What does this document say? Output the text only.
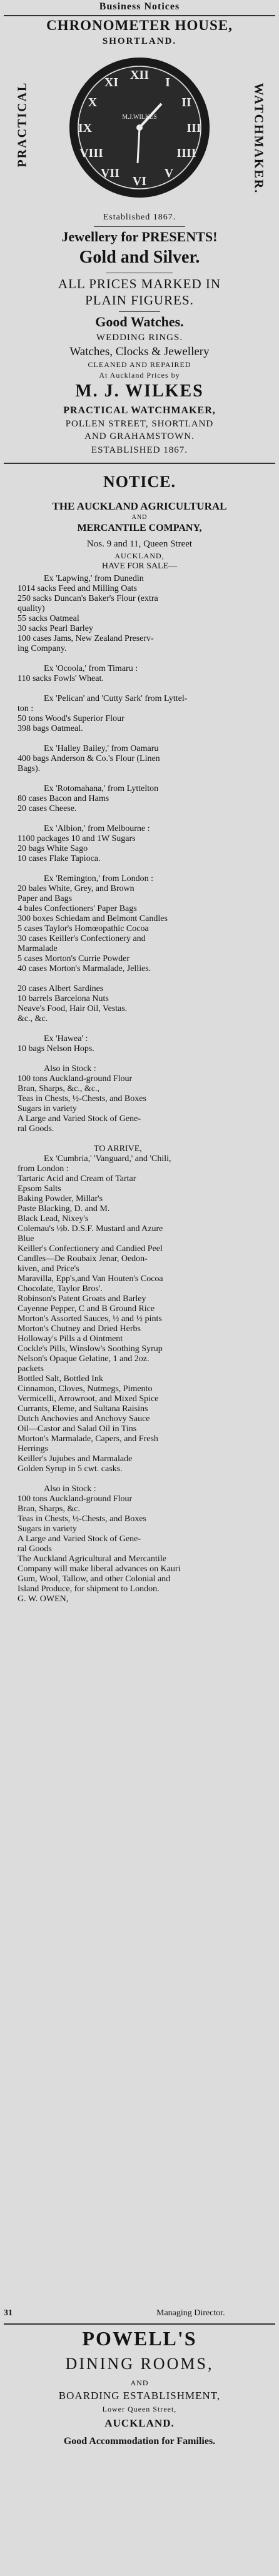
Business Notices
CHRONOMETER HOUSE,
SHORTLAND.
PRACTICAL	WATCHMAKER.
XII
I
II
III
IIII
V
VI
VII
VIII
IX
X
XI
M.J.WILKES
Established 1867.
Jewellery for PRESENTS!
Gold and Silver.
ALL PRICES MARKED IN
PLAIN FIGURES.
Good Watches.
WEDDING RINGS.
Watches, Clocks & Jewellery
CLEANED AND REPAIRED
At Auckland Prices by
M. J. WILKES
PRACTICAL WATCHMAKER,
POLLEN STREET, SHORTLAND
AND GRAHAMSTOWN.
ESTABLISHED 1867.
NOTICE.
THE AUCKLAND AGRICULTURAL
AND
MERCANTILE COMPANY,
Nos. 9 and 11, Queen Street
AUCKLAND,
HAVE FOR SALE—
Ex 'Lapwing,' from Dunedin
1014 sacks Feed and Milling Oats
250 sacks Duncan's Baker's Flour (extra
quality)
55 sacks Oatmeal
30 sacks Pearl Barley
100 cases Jams, New Zealand Preserv-
ing Company.
Ex 'Ocoola,' from Timaru :
110 sacks Fowls' Wheat.
Ex 'Pelican' and 'Cutty Sark' from Lyttel-
ton :
50 tons Wood's Superior Flour
398 bags Oatmeal.
Ex 'Halley Bailey,' from Oamaru
400 bags Anderson & Co.'s Flour (Linen
Bags).
Ex 'Rotomahana,' from Lyttelton
80 cases Bacon and Hams
20 cases Cheese.
Ex 'Albion,' from Melbourne :
1100 packages 10 and 1W Sugars
20 bags White Sago
10 cases Flake Tapioca.
Ex 'Remington,' from London :
20 bales White, Grey, and Brown
Paper and Bags
4 bales Confectioners' Paper Bags
300 boxes Schiedam and Belmont Candles
5 cases Taylor's Homœopathic Cocoa
30 cases Keiller's Confectionery and
Marmalade
5 cases Morton's Currie Powder
40 cases Morton's Marmalade, Jellies.
20 cases Albert Sardines
10 barrels Barcelona Nuts
Neave's Food, Hair Oil, Vestas.
&c., &c.
Ex 'Hawea' :
10 bags Nelson Hops.
Also in Stock :
100 tons Auckland-ground Flour
Bran, Sharps, &c., &c.,
Teas in Chests, ½-Chests, and Boxes
Sugars in variety
A Large and Varied Stock of Gene-
ral Goods.
TO ARRIVE,
Ex 'Cumbria,' 'Vanguard,' and 'Chili,
from London :
Tartaric Acid and Cream of Tartar
Epsom Salts
Baking Powder, Millar's
Paste Blacking, D. and M.
Black Lead, Nixey's
Colemau's ½b. D.S.F. Mustard and Azure
Blue
Keiller's Confectionery and Candied Peel
Candles—De Roubaix Jenar, Oedon-
kiven, and Price's
Maravilla, Epp's,and Van Houten's Cocoa
Chocolate, Taylor Bros'.
Robinson's Patent Groats and Barley
Cayenne Pepper, C and B Ground Rice
Morton's Assorted Sauces, ½ and ½ pints
Morton's Chutney and Dried Herbs
Holloway's Pills a d Ointment
Cockle's Pills, Winslow's Soothing Syrup
Nelson's Opaque Gelatine, 1 and 2oz.
packets
Bottled Salt, Bottled Ink
Cinnamon, Cloves, Nutmegs, Pimento
Vermicelli, Arrowroot, and Mixed Spice
Currants, Eleme, and Sultana Raisins
Dutch Anchovies and Anchovy Sauce
Oil—Castor and Salad Oil in Tins
Morton's Marmalade, Capers, and Fresh
Herrings
Keiller's Jujubes and Marmalade
Golden Syrup in 5 cwt. casks.
Also in Stock :
100 tons Auckland-ground Flour
Bran, Sharps, &c.
Teas in Chests, ½-Chests, and Boxes
Sugars in variety
A Large and Varied Stock of Gene-
ral Goods
The Auckland Agricultural and Mercantile
Company will make liberal advances on Kauri
Gum, Wool, Tallow, and other Colonial and
Island Produce, for shipment to London.
G. W. OWEN,
31	Managing Director.
POWELL'S
DINING ROOMS,
AND
BOARDING ESTABLISHMENT,
Lower Queen Street,
AUCKLAND.
Good Accommodation for Families.
